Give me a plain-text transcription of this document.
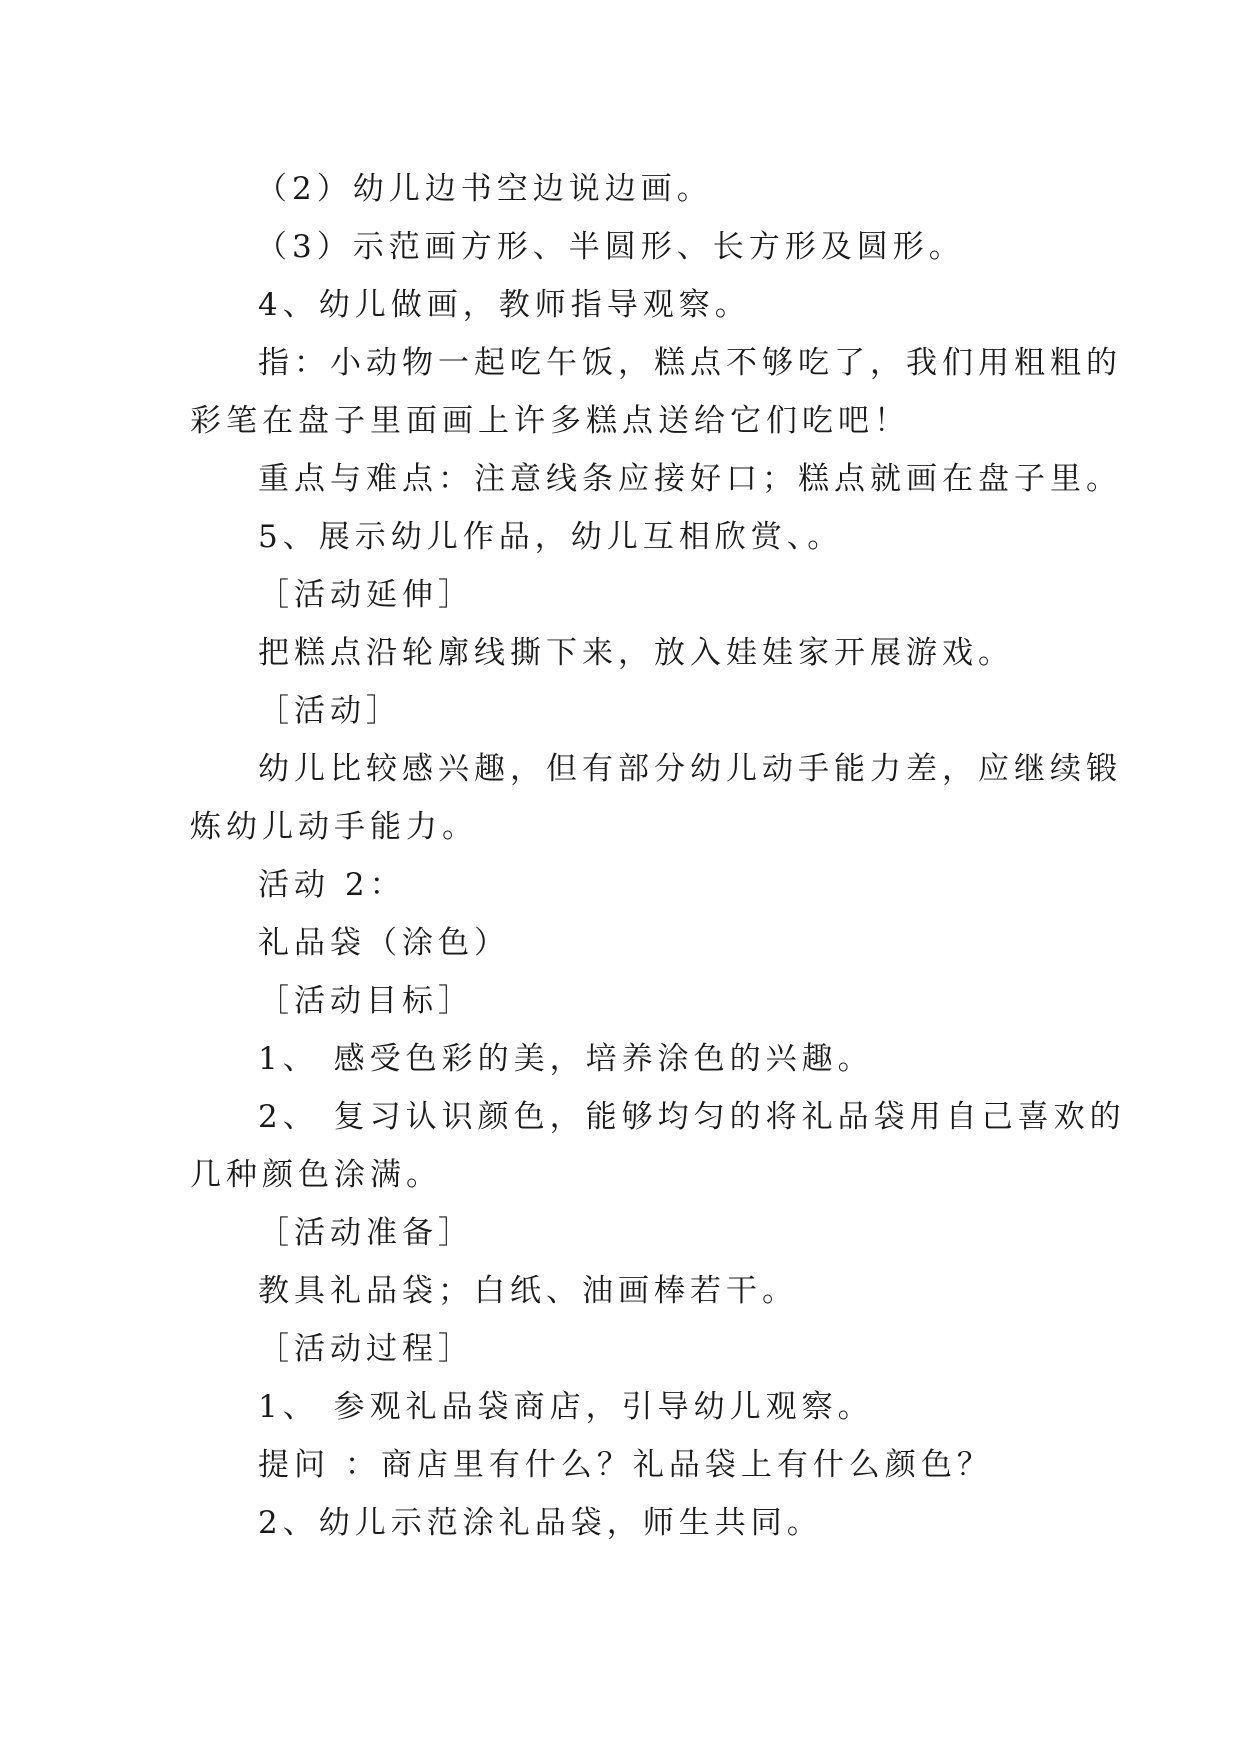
（2）幼儿边书空边说边画。
（3）示范画方形、半圆形、长方形及圆形。
4、幼儿做画，教师指导观察。
指：小动物一起吃午饭，糕点不够吃了，我们用粗粗的
彩笔在盘子里面画上许多糕点送给它们吃吧！
重点与难点：注意线条应接好口；糕点就画在盘子里。
5、展示幼儿作品，幼儿互相欣赏、。
［活动延伸］
把糕点沿轮廓线撕下来，放入娃娃家开展游戏。
［活动］
幼儿比较感兴趣，但有部分幼儿动手能力差，应继续锻
炼幼儿动手能力。
活动 2：
礼品袋（涂色）
［活动目标］
1、 感受色彩的美，培养涂色的兴趣。
2、 复习认识颜色，能够均匀的将礼品袋用自己喜欢的
几种颜色涂满。
［活动准备］
教具礼品袋；白纸、油画棒若干。
［活动过程］
1、 参观礼品袋商店，引导幼儿观察。
提问 ：商店里有什么？礼品袋上有什么颜色？
2、幼儿示范涂礼品袋，师生共同。
